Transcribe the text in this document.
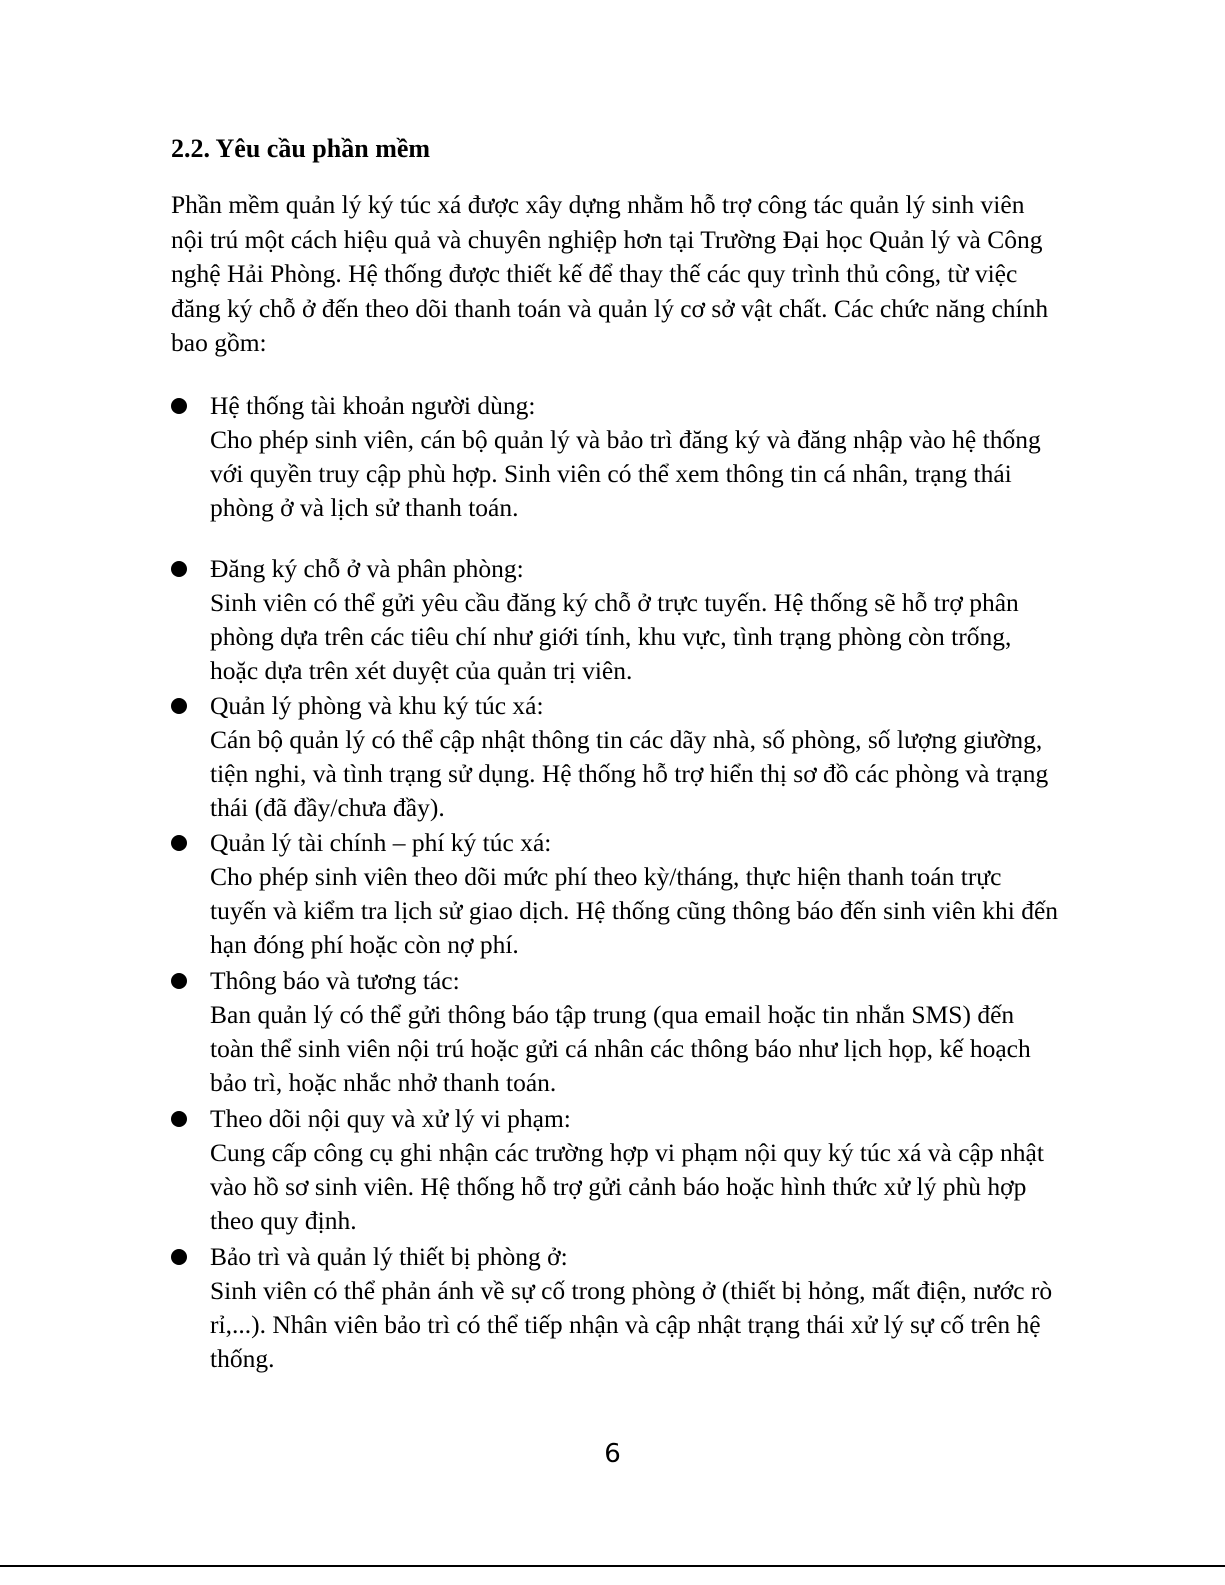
2.2. Yêu cầu phần mềm

Phần mềm quản lý ký túc xá được xây dựng nhằm hỗ trợ công tác quản lý sinh viên
nội trú một cách hiệu quả và chuyên nghiệp hơn tại Trường Đại học Quản lý và Công
nghệ Hải Phòng. Hệ thống được thiết kế để thay thế các quy trình thủ công, từ việc
đăng ký chỗ ở đến theo dõi thanh toán và quản lý cơ sở vật chất. Các chức năng chính
bao gồm:

Hệ thống tài khoản người dùng:
Cho phép sinh viên, cán bộ quản lý và bảo trì đăng ký và đăng nhập vào hệ thống
với quyền truy cập phù hợp. Sinh viên có thể xem thông tin cá nhân, trạng thái
phòng ở và lịch sử thanh toán.
Đăng ký chỗ ở và phân phòng:
Sinh viên có thể gửi yêu cầu đăng ký chỗ ở trực tuyến. Hệ thống sẽ hỗ trợ phân
phòng dựa trên các tiêu chí như giới tính, khu vực, tình trạng phòng còn trống,
hoặc dựa trên xét duyệt của quản trị viên.
Quản lý phòng và khu ký túc xá:
Cán bộ quản lý có thể cập nhật thông tin các dãy nhà, số phòng, số lượng giường,
tiện nghi, và tình trạng sử dụng. Hệ thống hỗ trợ hiển thị sơ đồ các phòng và trạng
thái (đã đầy/chưa đầy).
Quản lý tài chính – phí ký túc xá:
Cho phép sinh viên theo dõi mức phí theo kỳ/tháng, thực hiện thanh toán trực
tuyến và kiểm tra lịch sử giao dịch. Hệ thống cũng thông báo đến sinh viên khi đến
hạn đóng phí hoặc còn nợ phí.
Thông báo và tương tác:
Ban quản lý có thể gửi thông báo tập trung (qua email hoặc tin nhắn SMS) đến
toàn thể sinh viên nội trú hoặc gửi cá nhân các thông báo như lịch họp, kế hoạch
bảo trì, hoặc nhắc nhở thanh toán.
Theo dõi nội quy và xử lý vi phạm:
Cung cấp công cụ ghi nhận các trường hợp vi phạm nội quy ký túc xá và cập nhật
vào hồ sơ sinh viên. Hệ thống hỗ trợ gửi cảnh báo hoặc hình thức xử lý phù hợp
theo quy định.
Bảo trì và quản lý thiết bị phòng ở:
Sinh viên có thể phản ánh về sự cố trong phòng ở (thiết bị hỏng, mất điện, nước rò
rỉ,...). Nhân viên bảo trì có thể tiếp nhận và cập nhật trạng thái xử lý sự cố trên hệ
thống.
6
